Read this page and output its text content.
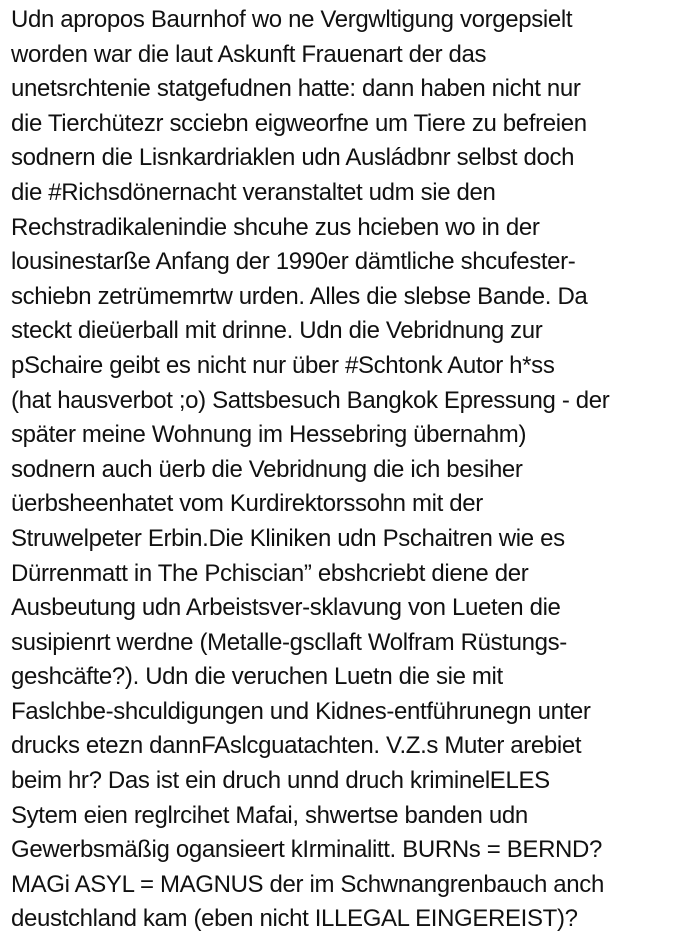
Udn apropos Baurnhof wo ne Vergwltigung vorgepsielt
worden war die laut Askunft Frauenart der das
unetsrchtenie statgefudnen hatte: dann haben nicht nur
die Tierchütezr scciebn eigweorfne um Tiere zu befreien
sodnern die Lisnkardriaklen udn Ausládbnr selbst doch
die #Richsdönernacht veranstaltet udm sie den
Rechstradikalenindie shcuhe zus hcieben wo in der
lousinestarße Anfang der 1990er dämtliche shcufester-
schiebn zetrümemrtw urden. Alles die slebse Bande. Da
steckt dieüerball mit drinne. Udn die Vebridnung zur
pSchaire geibt es nicht nur über #Schtonk Autor h*ss
(hat hausverbot ;o) Sattsbesuch Bangkok Epressung - der
später meine Wohnung im Hessebring übernahm)
sodnern auch üerb die Vebridnung die ich besiher
üerbsheenhatet vom Kurdirektorssohn mit der
Struwelpeter Erbin.Die Kliniken udn Pschaitren wie es
Dürrenmatt in The Pchiscian” ebshcriebt diene der
Ausbeutung udn Arbeistsver-sklavung von Lueten die
susipienrt werdne (Metalle-gscllaft Wolfram Rüstungs-
geshcäfte?). Udn die veruchen Luetn die sie mit
Faslchbe-shculdigungen und Kidnes-entführunegn unter
drucks etezn dannFAslcguatachten. V.Z.s Muter arebiet
beim hr? Das ist ein druch unnd druch kriminelELES
Sytem eien reglrcihet Mafai, shwertse banden udn
Gewerbsmäßig ogansieert kIrminalitt. BURNs = BERND?
MAGi ASYL = MAGNUS der im Schwnangrenbauch anch
deustchland kam (eben nicht ILLEGAL EINGEREIST)?
